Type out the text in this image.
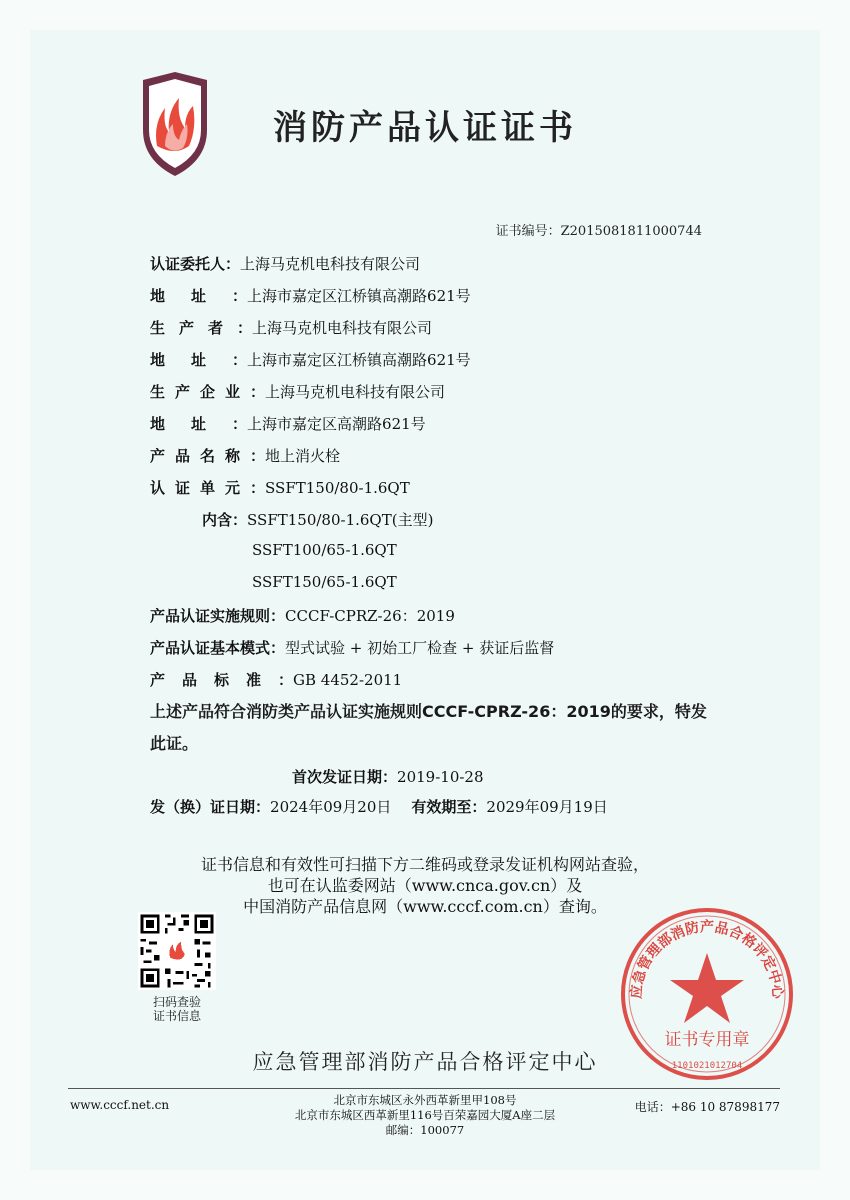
消防产品认证证书
证书编号：Z2015081811000744
认证委托人：上海马克机电科技有限公司
地址：上海市嘉定区江桥镇高潮路621号
生产者：上海马克机电科技有限公司
地址：上海市嘉定区江桥镇高潮路621号
生产企业：上海马克机电科技有限公司
地址：上海市嘉定区高潮路621号
产品名称：地上消火栓
认证单元：SSFT150/80-1.6QT
内含：SSFT150/80-1.6QT(主型)
SSFT100/65-1.6QT
SSFT150/65-1.6QT
产品认证实施规则：CCCF-CPRZ-26：2019
产品认证基本模式：型式试验 + 初始工厂检查 + 获证后监督
产品标准：GB 4452-2011
上述产品符合消防类产品认证实施规则CCCF-CPRZ-26：2019的要求，特发此证。
首次发证日期：2019-10-28
发（换）证日期：2024年09月20日 有效期至：2029年09月19日
证书信息和有效性可扫描下方二维码或登录发证机构网站查验，
也可在认监委网站（www.cnca.gov.cn）及
中国消防产品信息网（www.cccf.com.cn）查询。
扫码查验
证书信息
应急管理部消防产品合格评定中心
证书专用章
1101021012704
应急管理部消防产品合格评定中心
www.cccf.net.cn	北京市东城区永外西革新里甲108号
北京市东城区西革新里116号百荣嘉园大厦A座二层
邮编：100077
电话：+86 10 87898177
